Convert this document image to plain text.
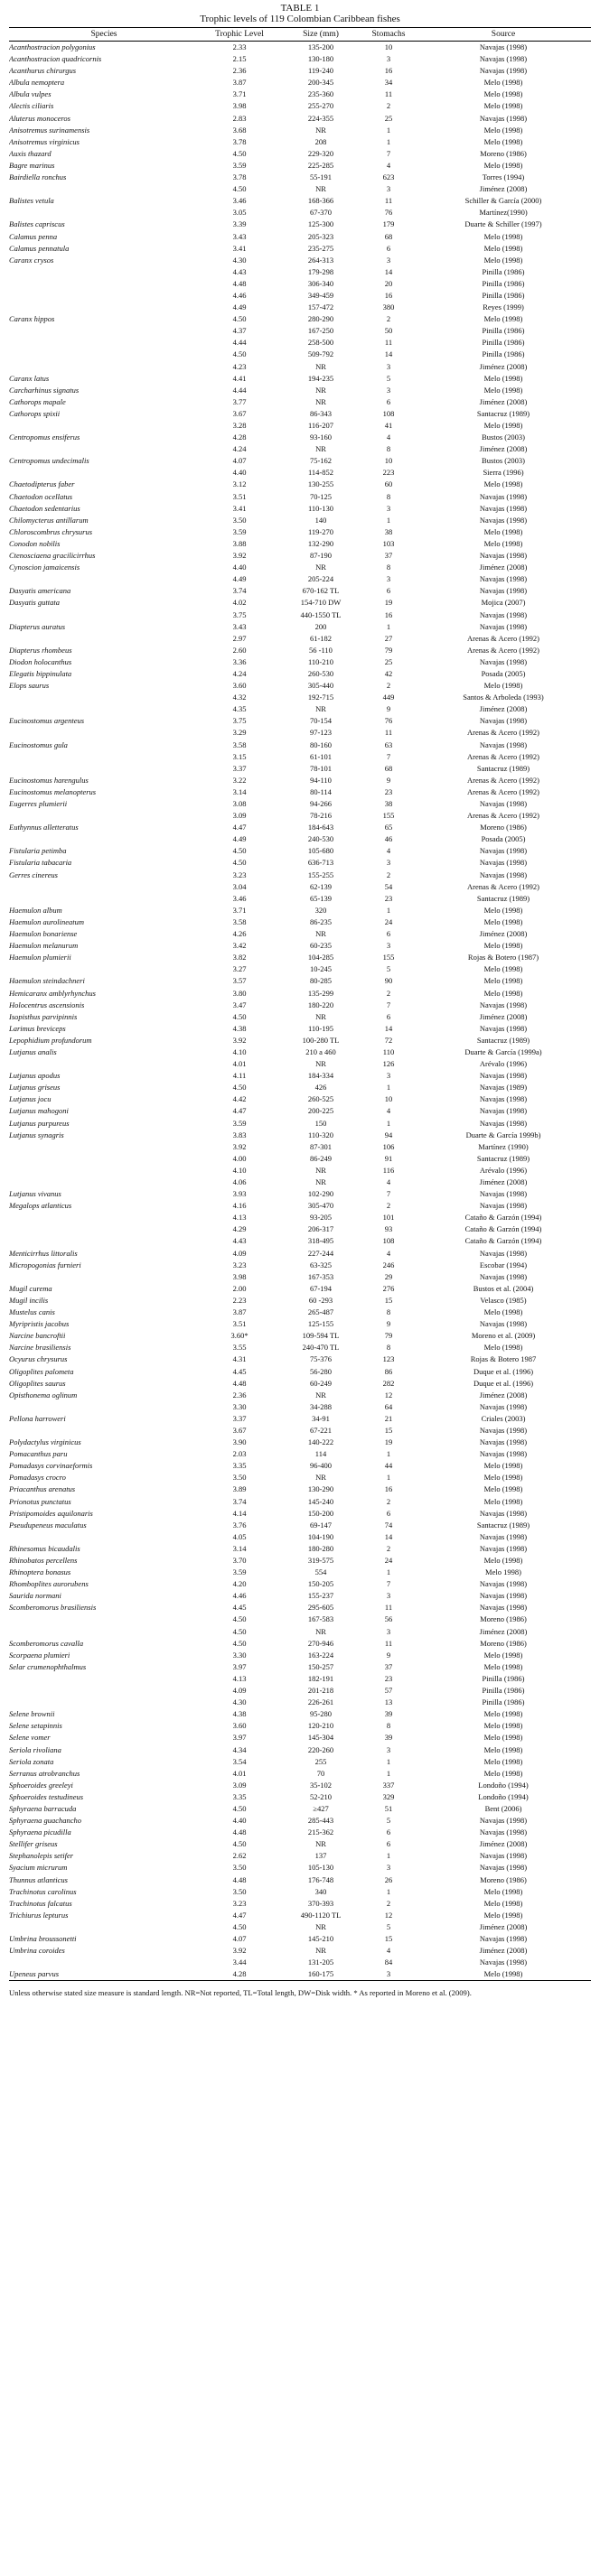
TABLE 1
Trophic levels of 119 Colombian Caribbean fishes
Species	Trophic Level	Size (mm)	Stomachs	Source
Acanthostracion polygonius	2.33	135-200	10	Navajas (1998)
Acanthostracion quadricornis	2.15	130-180	3	Navajas (1998)
Acanthurus chirurgus	2.36	119-240	16	Navajas (1998)
Albula nemoptera	3.87	200-345	34	Melo (1998)
Albula vulpes	3.71	235-360	11	Melo (1998)
Alectis ciliaris	3.98	255-270	2	Melo (1998)
Aluterus monoceros	2.83	224-355	25	Navajas (1998)
Anisotremus surinamensis	3.68	NR	1	Melo (1998)
Anisotremus virginicus	3.78	208	1	Melo (1998)
Auxis thazard	4.50	229-320	7	Moreno (1986)
Bagre marinus	3.59	225-285	4	Melo (1998)
Bairdiella ronchus	3.78	55-191	623	Torres (1994)
	4.50	NR	3	Jiménez (2008)
Balistes vetula	3.46	168-366	11	Schiller & García (2000)
	3.05	67-370	76	Martínez(1990)
Balistes capriscus	3.39	125-300	179	Duarte & Schiller (1997)
Calamus penna	3.43	205-323	68	Melo (1998)
Calamus pennatula	3.41	235-275	6	Melo (1998)
Caranx crysos	4.30	264-313	3	Melo (1998)
	4.43	179-298	14	Pinilla (1986)
	4.48	306-340	20	Pinilla (1986)
	4.46	349-459	16	Pinilla (1986)
	4.49	157-472	380	Reyes (1999)
Caranx hippos	4.50	280-290	2	Melo (1998)
	4.37	167-250	50	Pinilla (1986)
	4.44	258-500	11	Pinilla (1986)
	4.50	509-792	14	Pinilla (1986)
	4.23	NR	3	Jiménez (2008)
Caranx latus	4.41	194-235	5	Melo (1998)
Carcharhinus signatus	4.44	NR	3	Melo (1998)
Cathorops mapale	3.77	NR	6	Jiménez (2008)
Cathorops spixii	3.67	86-343	108	Santacruz (1989)
	3.28	116-207	41	Melo (1998)
Centropomus ensiferus	4.28	93-160	4	Bustos (2003)
	4.24	NR	8	Jiménez (2008)
Centropomus undecimalis	4.07	75-162	10	Bustos (2003)
	4.40	114-852	223	Sierra (1996)
Chaetodipterus faber	3.12	130-255	60	Melo (1998)
Chaetodon ocellatus	3.51	70-125	8	Navajas (1998)
Chaetodon sedentarius	3.41	110-130	3	Navajas (1998)
Chilomycterus antillarum	3.50	140	1	Navajas (1998)
Chloroscombrus chrysurus	3.59	119-270	38	Melo (1998)
Conodon nobilis	3.88	132-290	103	Melo (1998)
Ctenosciaena gracilicirrhus	3.92	87-190	37	Navajas (1998)
Cynoscion jamaicensis	4.40	NR	8	Jiménez (2008)
	4.49	205-224	3	Navajas (1998)
Dasyatis americana	3.74	670-162 TL	6	Navajas (1998)
Dasyatis guttata	4.02	154-710 DW	19	Mojica (2007)
	3.75	440-1550 TL	16	Navajas (1998)
Diapterus auratus	3.43	200	1	Navajas (1998)
	2.97	61-182	27	Arenas & Acero (1992)
Diapterus rhombeus	2.60	56 -110	79	Arenas & Acero (1992)
Diodon holocanthus	3.36	110-210	25	Navajas (1998)
Elegatis bippinulata	4.24	260-530	42	Posada (2005)
Elops saurus	3.60	305-440	2	Melo (1998)
	4.32	192-715	449	Santos & Arboleda (1993)
	4.35	NR	9	Jiménez (2008)
Eucinostomus argenteus	3.75	70-154	76	Navajas (1998)
	3.29	97-123	11	Arenas & Acero (1992)
Eucinostomus gula	3.58	80-160	63	Navajas (1998)
	3.15	61-101	7	Arenas & Acero (1992)
	3.37	78-101	68	Santacruz (1989)
Eucinostomus harengulus	3.22	94-110	9	Arenas & Acero (1992)
Eucinostomus melanopterus	3.14	80-114	23	Arenas & Acero (1992)
Eugerres plumierii	3.08	94-266	38	Navajas (1998)
	3.09	78-216	155	Arenas & Acero (1992)
Euthynnus alletteratus	4.47	184-643	65	Moreno (1986)
	4.49	240-530	46	Posada (2005)
Fistularia petimba	4.50	105-680	4	Navajas (1998)
Fistularia tabacaria	4.50	636-713	3	Navajas (1998)
Gerres cinereus	3.23	155-255	2	Navajas (1998)
	3.04	62-139	54	Arenas & Acero (1992)
	3.46	65-139	23	Santacruz (1989)
Haemulon album	3.71	320	1	Melo (1998)
Haemulon aurolineatum	3.58	86-235	24	Melo (1998)
Haemulon bonariense	4.26	NR	6	Jiménez (2008)
Haemulon melanurum	3.42	60-235	3	Melo (1998)
Haemulon plumierii	3.82	104-285	155	Rojas & Botero (1987)
	3.27	10-245	5	Melo (1998)
Haemulon steindachneri	3.57	80-285	90	Melo (1998)
Hemicaranx amblyrhynchus	3.80	135-299	2	Melo (1998)
Holocentrus ascensionis	3.47	180-220	7	Navajas (1998)
Isopisthus parvipinnis	4.50	NR	6	Jiménez (2008)
Larimus breviceps	4.38	110-195	14	Navajas (1998)
Lepophidium profundorum	3.92	100-280 TL	72	Santacruz (1989)
Lutjanus analis	4.10	210 a 460	110	Duarte & García (1999a)
	4.01	NR	126	Arévalo (1996)
Lutjanus apodus	4.11	184-334	3	Navajas (1998)
Lutjanus griseus	4.50	426	1	Navajas (1989)
Lutjanus jocu	4.42	260-525	10	Navajas (1998)
Lutjanus mahogoni	4.47	200-225	4	Navajas (1998)
Lutjanus purpureus	3.59	150	1	Navajas (1998)
Lutjanus synagris	3.83	110-320	94	Duarte & García 1999b)
	3.92	87-301	106	Martínez (1990)
	4.00	86-249	91	Santacruz (1989)
	4.10	NR	116	Arévalo (1996)
	4.06	NR	4	Jiménez (2008)
Lutjanus vivanus	3.93	102-290	7	Navajas (1998)
Megalops atlanticus	4.16	305-470	2	Navajas (1998)
	4.13	93-205	101	Cataño & Garzón (1994)
	4.29	206-317	93	Cataño & Garzón (1994)
	4.43	318-495	108	Cataño & Garzón (1994)
Menticirrhus littoralis	4.09	227-244	4	Navajas (1998)
Micropogonias furnieri	3.23	63-325	246	Escobar (1994)
	3.98	167-353	29	Navajas (1998)
Mugil curema	2.00	67-194	276	Bustos et al. (2004)
Mugil incilis	2.23	60 -293	15	Velasco (1985)
Mustelus canis	3.87	265-487	8	Melo (1998)
Myripristis jacobus	3.51	125-155	9	Navajas (1998)
Narcine bancroftii	3.60*	109-594 TL	79	Moreno et al. (2009)
Narcine brasiliensis	3.55	240-470 TL	8	Melo (1998)
Ocyurus chrysurus	4.31	75-376	123	Rojas & Botero 1987
Oligoplites palometa	4.45	56-280	86	Duque et al. (1996)
Oligoplites saurus	4.48	60-249	282	Duque et al. (1996)
Opisthonema oglinum	2.36	NR	12	Jiménez (2008)
	3.30	34-288	64	Navajas (1998)
Pellona harroweri	3.37	34-91	21	Criales (2003)
	3.67	67-221	15	Navajas (1998)
Polydactylus virginicus	3.90	140-222	19	Navajas (1998)
Pomacanthus paru	2.03	114	1	Navajas (1998)
Pomadasys corvinaeformis	3.35	96-400	44	Melo (1998)
Pomadasys crocro	3.50	NR	1	Melo (1998)
Priacanthus arenatus	3.89	130-290	16	Melo (1998)
Prionotus punctatus	3.74	145-240	2	Melo (1998)
Pristipomoides aquilonaris	4.14	150-200	6	Navajas (1998)
Pseudupeneus maculatus	3.76	69-147	74	Santacruz (1989)
	4.05	104-190	14	Navajas (1998)
Rhinesomus bicaudalis	3.14	180-280	2	Navajas (1998)
Rhinobatos percellens	3.70	319-575	24	Melo (1998)
Rhinoptera bonasus	3.59	554	1	Melo 1998)
Rhomboplites aurorubens	4.20	150-205	7	Navajas (1998)
Saurida normani	4.46	155-237	3	Navajas (1998)
Scomberomorus brasiliensis	4.45	295-605	11	Navajas (1998)
	4.50	167-583	56	Moreno (1986)
	4.50	NR	3	Jiménez (2008)
Scomberomorus cavalla	4.50	270-946	11	Moreno (1986)
Scorpaena plumieri	3.30	163-224	9	Melo (1998)
Selar crumenophthalmus	3.97	150-257	37	Melo (1998)
	4.13	182-191	23	Pinilla (1986)
	4.09	201-218	57	Pinilla (1986)
	4.30	226-261	13	Pinilla (1986)
Selene brownii	4.38	95-280	39	Melo (1998)
Selene setapinnis	3.60	120-210	8	Melo (1998)
Selene vomer	3.97	145-304	39	Melo (1998)
Seriola rivoliana	4.34	220-260	3	Melo (1998)
Seriola zonata	3.54	255	1	Melo (1998)
Serranus atrobranchus	4.01	70	1	Melo (1998)
Sphoeroides greeleyi	3.09	35-102	337	Londoño (1994)
Sphoeroides testudineus	3.35	52-210	329	Londoño (1994)
Sphyraena barracuda	4.50	≥427	51	Bent (2006)
Sphyraena guachancho	4.40	285-443	5	Navajas (1998)
Sphyraena picudilla	4.48	215-362	6	Navajas (1998)
Stellifer griseus	4.50	NR	6	Jiménez (2008)
Stephanolepis setifer	2.62	137	1	Navajas (1998)
Syacium micrurum	3.50	105-130	3	Navajas (1998)
Thunnus atlanticus	4.48	176-748	26	Moreno (1986)
Trachinotus carolinus	3.50	340	1	Melo (1998)
Trachinotus falcatus	3.23	370-393	2	Melo (1998)
Trichiurus lepturus	4.47	490-1120 TL	12	Melo (1998)
	4.50	NR	5	Jiménez (2008)
Umbrina broussonetti	4.07	145-210	15	Navajas (1998)
Umbrina coroides	3.92	NR	4	Jiménez (2008)
	3.44	131-205	84	Navajas (1998)
Upeneus parvus	4.28	160-175	3	Melo (1998)
Unless otherwise stated size measure is standard length. NR=Not reported, TL=Total length, DW=Disk width. * As reported in Moreno et al. (2009).
